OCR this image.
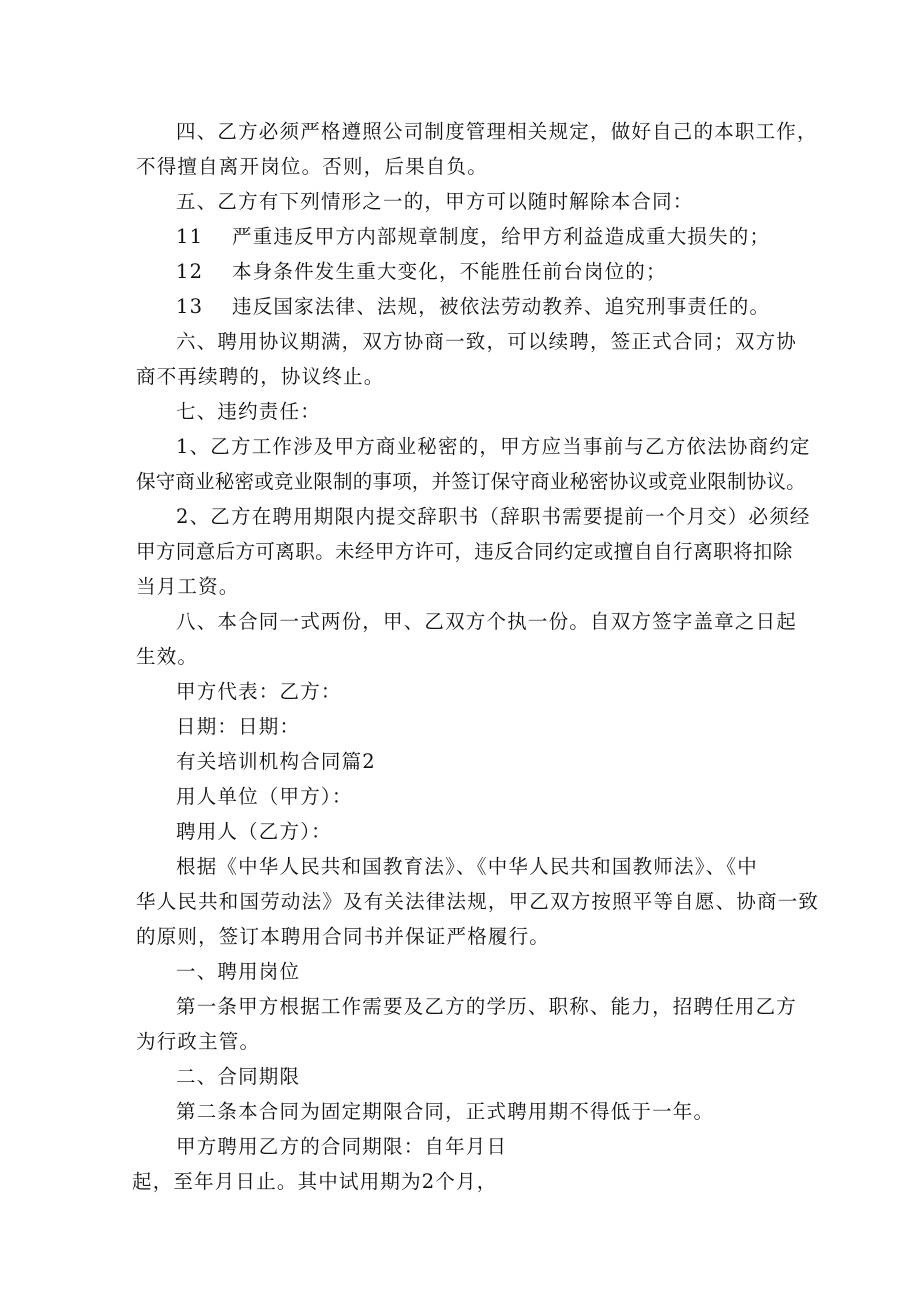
四、乙方必须严格遵照公司制度管理相关规定，做好自己的本职工作，
不得擅自离开岗位。否则，后果自负。
五、乙方有下列情形之一的，甲方可以随时解除本合同：
11 严重违反甲方内部规章制度，给甲方利益造成重大损失的；
12 本身条件发生重大变化，不能胜任前台岗位的；
13 违反国家法律、法规，被依法劳动教养、追究刑事责任的。
六、聘用协议期满，双方协商一致，可以续聘，签正式合同；双方协
商不再续聘的，协议终止。
七、违约责任：
1、乙方工作涉及甲方商业秘密的，甲方应当事前与乙方依法协商约定
保守商业秘密或竞业限制的事项，并签订保守商业秘密协议或竞业限制协议。
2、乙方在聘用期限内提交辞职书（辞职书需要提前一个月交）必须经
甲方同意后方可离职。未经甲方许可，违反合同约定或擅自自行离职将扣除
当月工资。
八、本合同一式两份，甲、乙双方个执一份。自双方签字盖章之日起
生效。
甲方代表：乙方：
日期：日期：
有关培训机构合同篇2
用人单位（甲方）：
聘用人（乙方）：
根据《中华人民共和国教育法》、《中华人民共和国教师法》、《中
华人民共和国劳动法》及有关法律法规，甲乙双方按照平等自愿、协商一致
的原则，签订本聘用合同书并保证严格履行。
一、聘用岗位
第一条甲方根据工作需要及乙方的学历、职称、能力，招聘任用乙方
为行政主管。
二、合同期限
第二条本合同为固定期限合同，正式聘用期不得低于一年。
甲方聘用乙方的合同期限：自年月日
起，至年月日止。其中试用期为2个月，
